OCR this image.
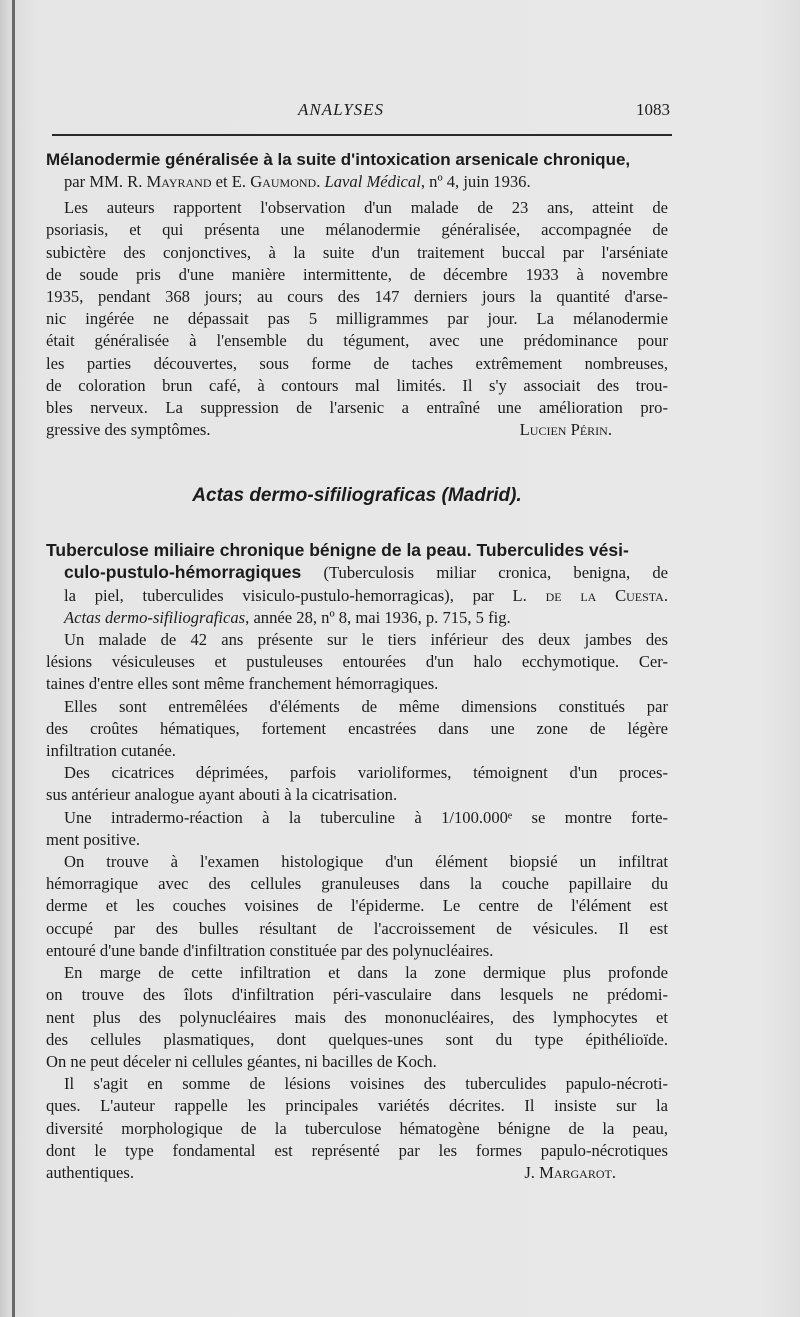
ANALYSES	1083

Mélanodermie généralisée à la suite d'intoxication arsenicale chronique,

par MM. R. Mayrand et E. Gaumond. Laval Médical, nº 4, juin 1936.
Les auteurs rapportent l'observation d'un malade de 23 ans, atteint de
psoriasis, et qui présenta une mélanodermie généralisée, accompagnée de
subictère des conjonctives, à la suite d'un traitement buccal par l'arséniate
de soude pris d'une manière intermittente, de décembre 1933 à novembre
1935, pendant 368 jours; au cours des 147 derniers jours la quantité d'arse-
nic ingérée ne dépassait pas 5 milligrammes par jour. La mélanodermie
était généralisée à l'ensemble du tégument, avec une prédominance pour
les parties découvertes, sous forme de taches extrêmement nombreuses,
de coloration brun café, à contours mal limités. Il s'y associait des trou-
bles nerveux. La suppression de l'arsenic a entraîné une amélioration pro-
gressive des symptômes.	Lucien Périn.
Actas dermo-sifiliograficas (Madrid).
Tuberculose miliaire chronique bénigne de la peau. Tuberculides vési-
culo-pustulo-hémorragiques (Tuberculosis miliar cronica, benigna, de
la piel, tuberculides visiculo-pustulo-hemorragicas), par L. de la Cuesta.
Actas dermo-sifiliograficas, année 28, nº 8, mai 1936, p. 715, 5 fig.
Un malade de 42 ans présente sur le tiers inférieur des deux jambes des
lésions vésiculeuses et pustuleuses entourées d'un halo ecchymotique. Cer-
taines d'entre elles sont même franchement hémorragiques.
Elles sont entremêlées d'éléments de même dimensions constitués par
des croûtes hématiques, fortement encastrées dans une zone de légère
infiltration cutanée.
Des cicatrices déprimées, parfois varioliformes, témoignent d'un proces-
sus antérieur analogue ayant abouti à la cicatrisation.
Une intradermo-réaction à la tuberculine à 1/100.000ᵉ se montre forte-
ment positive.
On trouve à l'examen histologique d'un élément biopsié un infiltrat
hémorragique avec des cellules granuleuses dans la couche papillaire du
derme et les couches voisines de l'épiderme. Le centre de l'élément est
occupé par des bulles résultant de l'accroissement de vésicules. Il est
entouré d'une bande d'infiltration constituée par des polynucléaires.
En marge de cette infiltration et dans la zone dermique plus profonde
on trouve des îlots d'infiltration péri-vasculaire dans lesquels ne prédomi-
nent plus des polynucléaires mais des mononucléaires, des lymphocytes et
des cellules plasmatiques, dont quelques-unes sont du type épithélioïde.
On ne peut déceler ni cellules géantes, ni bacilles de Koch.
Il s'agit en somme de lésions voisines des tuberculides papulo-nécroti-
ques. L'auteur rappelle les principales variétés décrites. Il insiste sur la
diversité morphologique de la tuberculose hématogène bénigne de la peau,
dont le type fondamental est représenté par les formes papulo-nécrotiques
authentiques.	J. Margarot.
